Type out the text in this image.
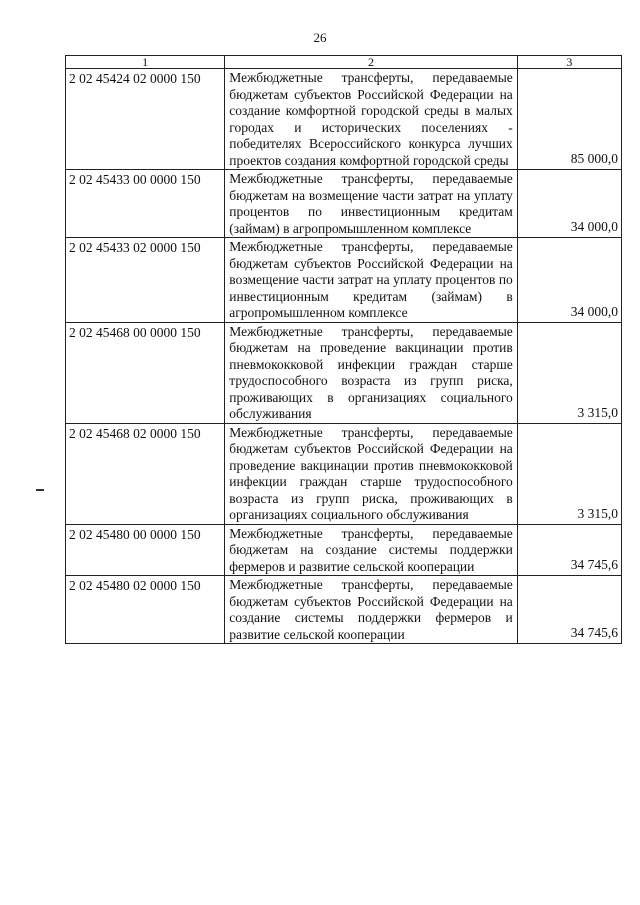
26
1	2	3
2 02 45424 02 0000 150	Межбюджетные трансферты, передаваемые бюджетам субъектов Российской Федерации на создание комфортной городской среды в малых городах и исторических поселениях - победителях Всероссийского конкурса лучших проектов создания комфортной городской среды	85 000,0
2 02 45433 00 0000 150	Межбюджетные трансферты, передаваемые бюджетам на возмещение части затрат на уплату процентов по инвестиционным кредитам (займам) в агропромышленном комплексе	34 000,0
2 02 45433 02 0000 150	Межбюджетные трансферты, передаваемые бюджетам субъектов Российской Федерации на возмещение части затрат на уплату процентов по инвестиционным кредитам (займам) в агропромышленном комплексе	34 000,0
2 02 45468 00 0000 150	Межбюджетные трансферты, передаваемые бюджетам на проведение вакцинации против пневмококковой инфекции граждан старше трудоспособного возраста из групп риска, проживающих в организациях социального обслуживания	3 315,0
2 02 45468 02 0000 150	Межбюджетные трансферты, передаваемые бюджетам субъектов Российской Федерации на проведение вакцинации против пневмококковой инфекции граждан старше трудоспособного возраста из групп риска, проживающих в организациях социального обслуживания	3 315,0
2 02 45480 00 0000 150	Межбюджетные трансферты, передаваемые бюджетам на создание системы поддержки фермеров и развитие сельской кооперации	34 745,6
2 02 45480 02 0000 150	Межбюджетные трансферты, передаваемые бюджетам субъектов Российской Федерации на создание системы поддержки фермеров и развитие сельской кооперации	34 745,6
